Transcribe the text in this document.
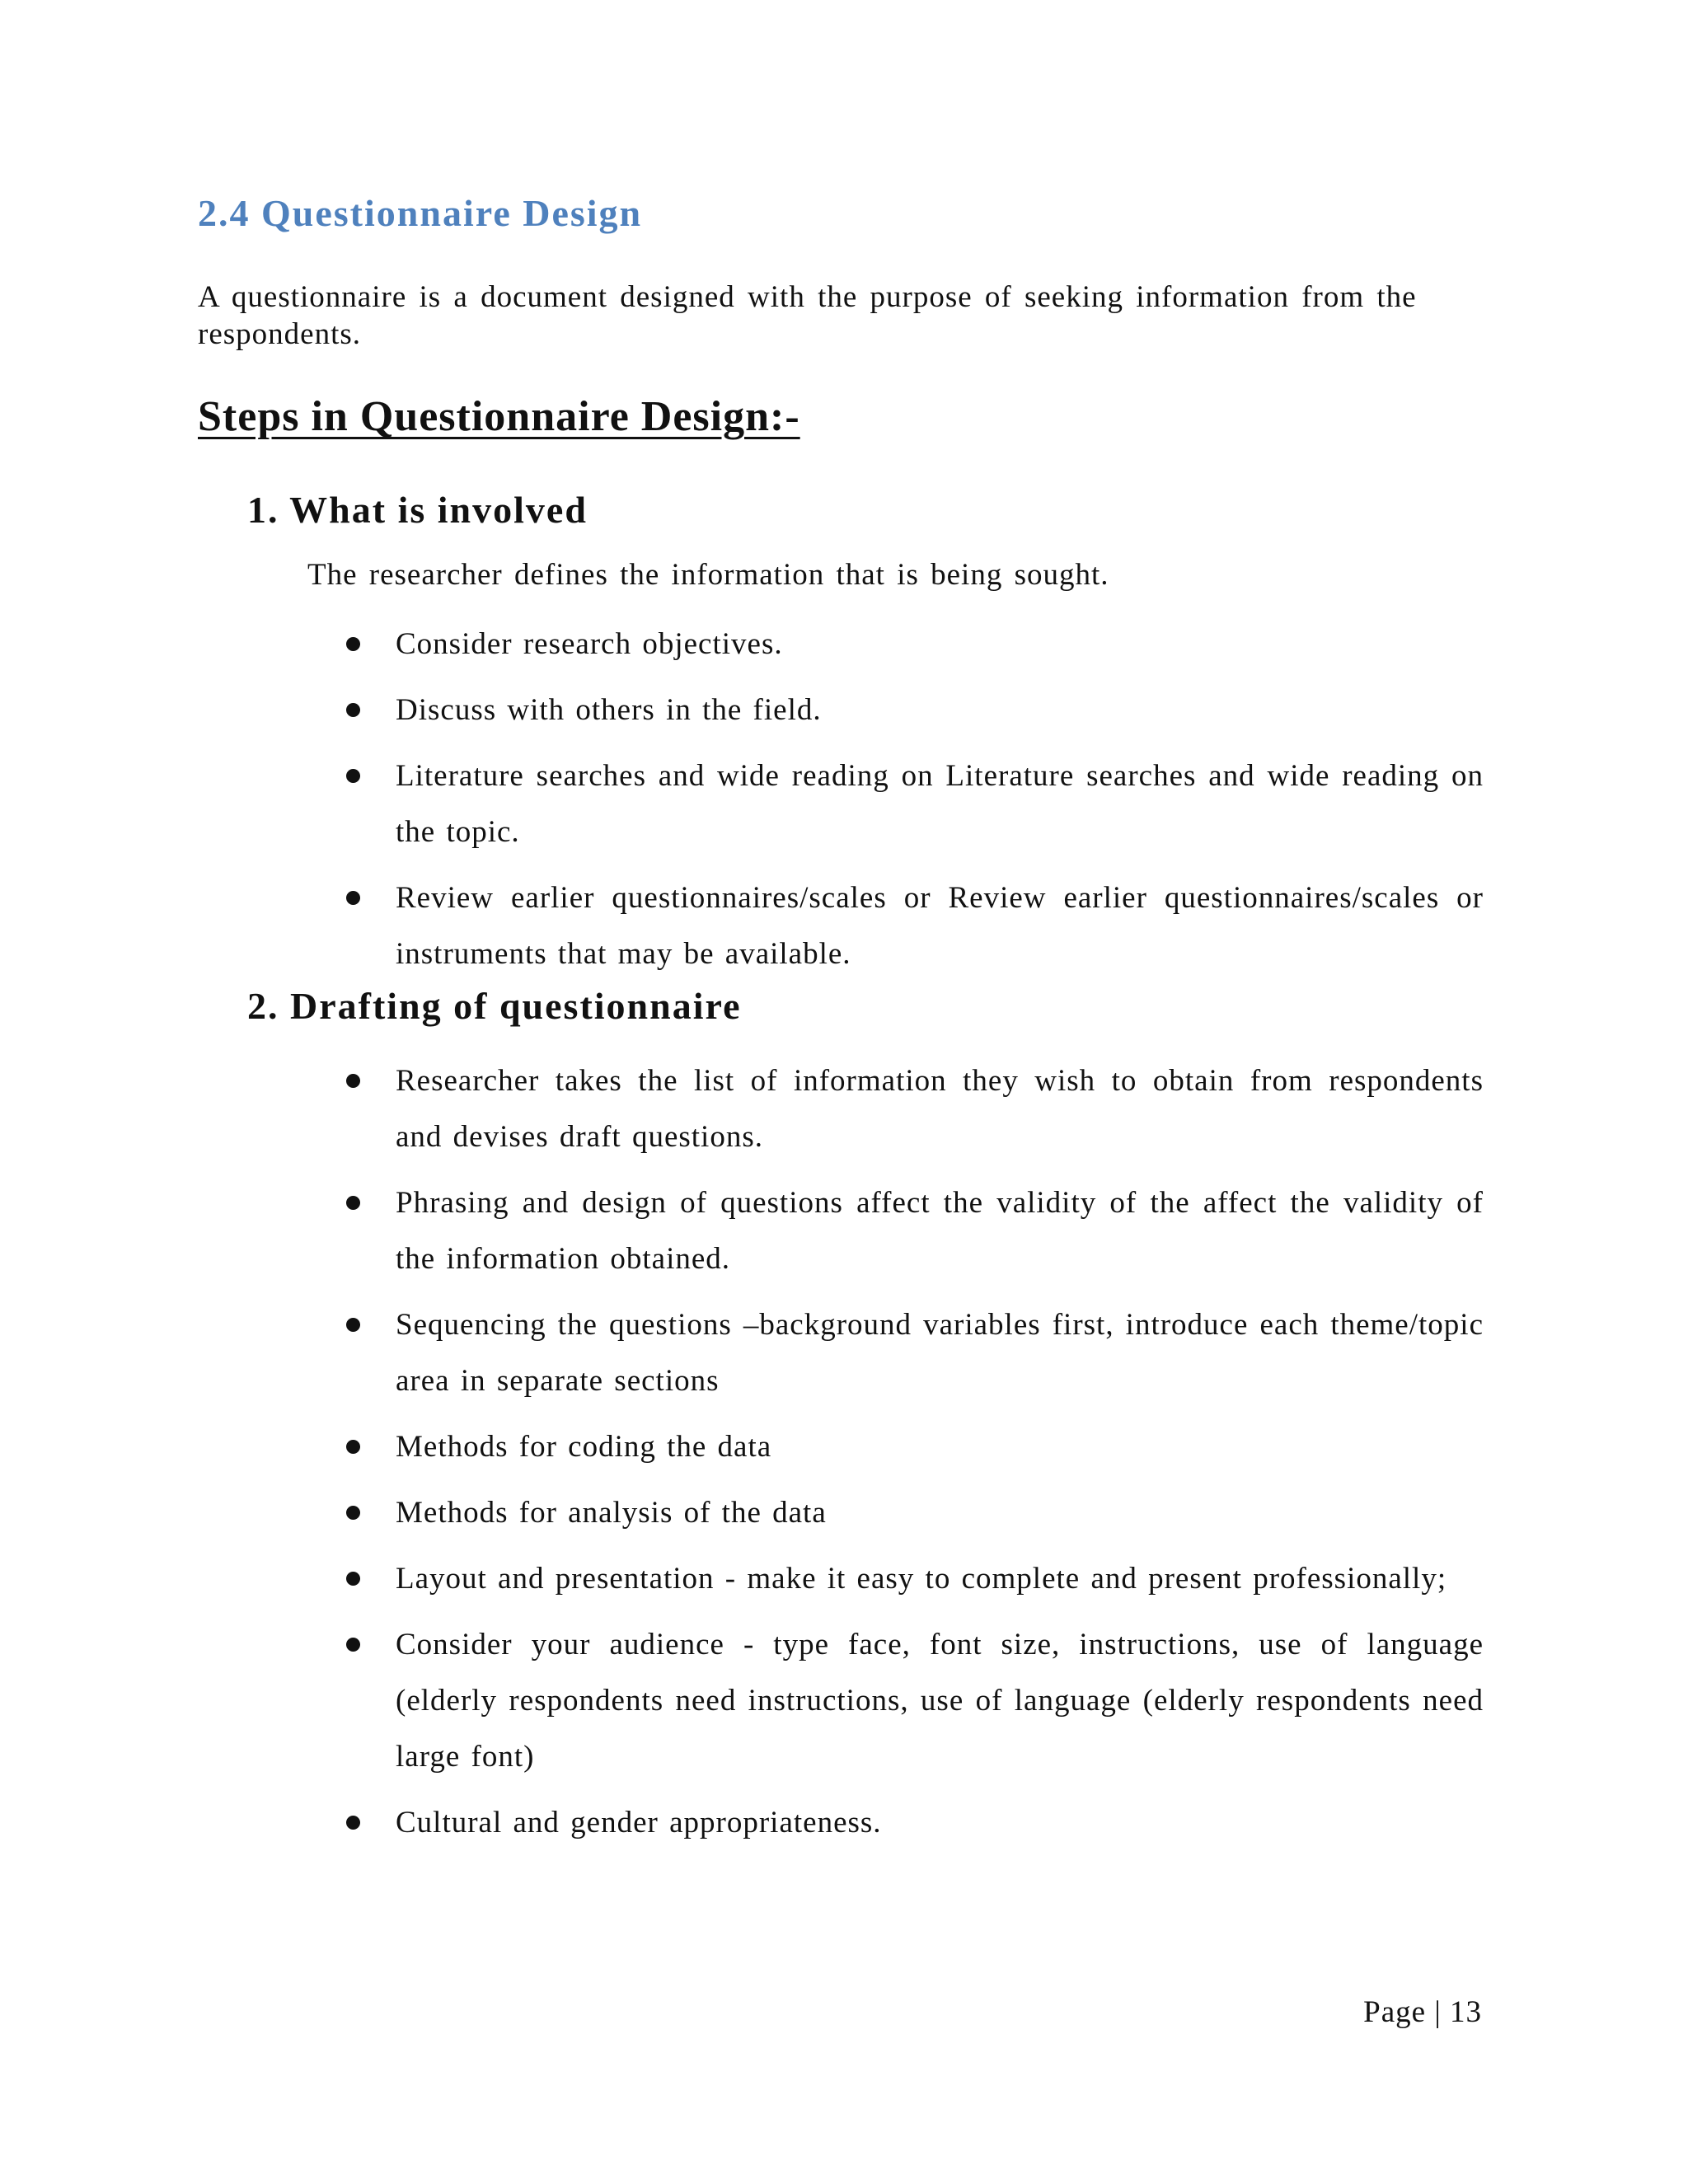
2.4 Questionnaire Design

A questionnaire is a document designed with the purpose of seeking information from the respondents.

Steps in Questionnaire Design:-
1. What is involved

The researcher defines the information that is being sought.

Consider research objectives.
Discuss with others in the field.
Literature searches and wide reading on Literature searches and wide reading on the topic.
Review earlier questionnaires/scales or Review earlier questionnaires/scales or instruments that may be available.
2. Drafting of questionnaire
Researcher takes the list of information they wish to obtain from respondents and devises draft questions.
Phrasing and design of questions affect the validity of the affect the validity of the information obtained.
Sequencing the questions –background variables first, introduce each theme/topic area in separate sections
Methods for coding the data
Methods for analysis of the data
Layout and presentation - make it easy to complete and present professionally;
Consider your audience - type face, font size, instructions, use of language (elderly respondents need instructions, use of language (elderly respondents need large font)
Cultural and gender appropriateness.

Page | 13
